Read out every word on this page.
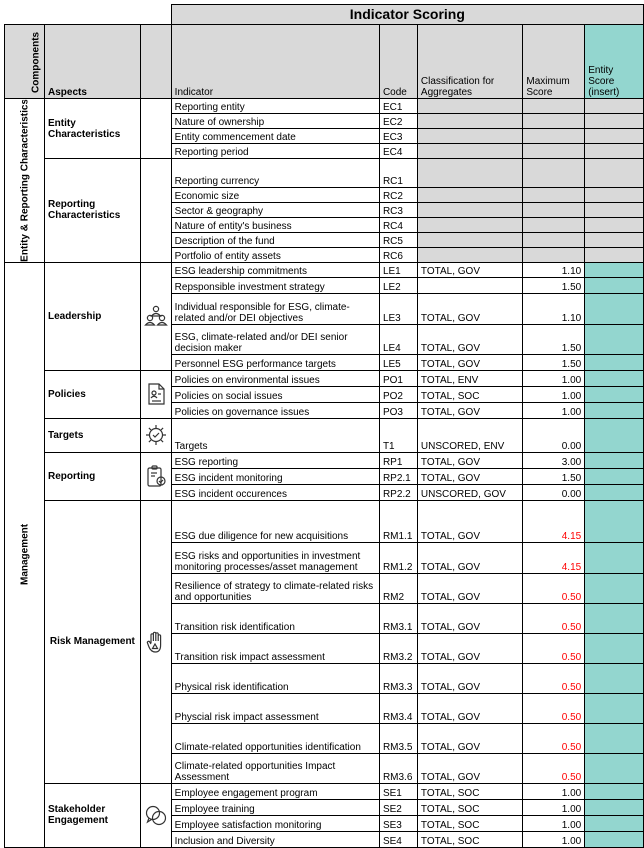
			Indicator Scoring				
Components	Aspects		Indicator	Code	Classification for Aggregates	Maximum Score	Entity Score (insert)
Entity & Reporting Characteristics	Entity Characteristics		Reporting entity	EC1			
			Nature of ownership	EC2			
			Entity commencement date	EC3			
			Reporting period	EC4			
	Reporting Characteristics		Reporting currency	RC1			
			Economic size	RC2			
			Sector & geography	RC3			
			Nature of entity's business	RC4			
			Description of the fund	RC5			
			Portfolio of entity assets	RC6			
Management	Leadership		ESG leadership commitments	LE1	TOTAL, GOV	1.10	
			Repsponsible investment strategy	LE2		1.50	
			Individual responsible for ESG, climate-related and/or DEI objectives	LE3	TOTAL, GOV	1.10	
			ESG, climate-related and/or DEI senior decision maker	LE4	TOTAL, GOV	1.50	
			Personnel ESG performance targets	LE5	TOTAL, GOV	1.50	
	Policies		Policies on environmental issues	PO1	TOTAL, ENV	1.00	
			Policies on social issues	PO2	TOTAL, SOC	1.00	
			Policies on governance issues	PO3	TOTAL, GOV	1.00	
	Targets		Targets	T1	UNSCORED, ENV	0.00	
	Reporting		ESG reporting	RP1	TOTAL, GOV	3.00	
			ESG incident monitoring	RP2.1	TOTAL, GOV	1.50	
			ESG incident occurences	RP2.2	UNSCORED, GOV	0.00	
	Risk Management		ESG due diligence for new acquisitions	RM1.1	TOTAL, GOV	4.15	
			ESG risks and opportunities in investment monitoring processes/asset management	RM1.2	TOTAL, GOV	4.15	
			Resilience of strategy to climate-related risks and opportunities	RM2	TOTAL, GOV	0.50	
			Transition risk identification	RM3.1	TOTAL, GOV	0.50	
			Transition risk impact assessment	RM3.2	TOTAL, GOV	0.50	
			Physical risk identification	RM3.3	TOTAL, GOV	0.50	
			Physcial risk impact assessment	RM3.4	TOTAL, GOV	0.50	
			Climate-related opportunities identification	RM3.5	TOTAL, GOV	0.50	
			Climate-related opportunities Impact Assessment	RM3.6	TOTAL, GOV	0.50	
	Stakeholder Engagement		Employee engagement program	SE1	TOTAL, SOC	1.00	
			Employee training	SE2	TOTAL, SOC	1.00	
			Employee satisfaction monitoring	SE3	TOTAL, SOC	1.00	
			Inclusion and Diversity	SE4	TOTAL, SOC	1.00	
